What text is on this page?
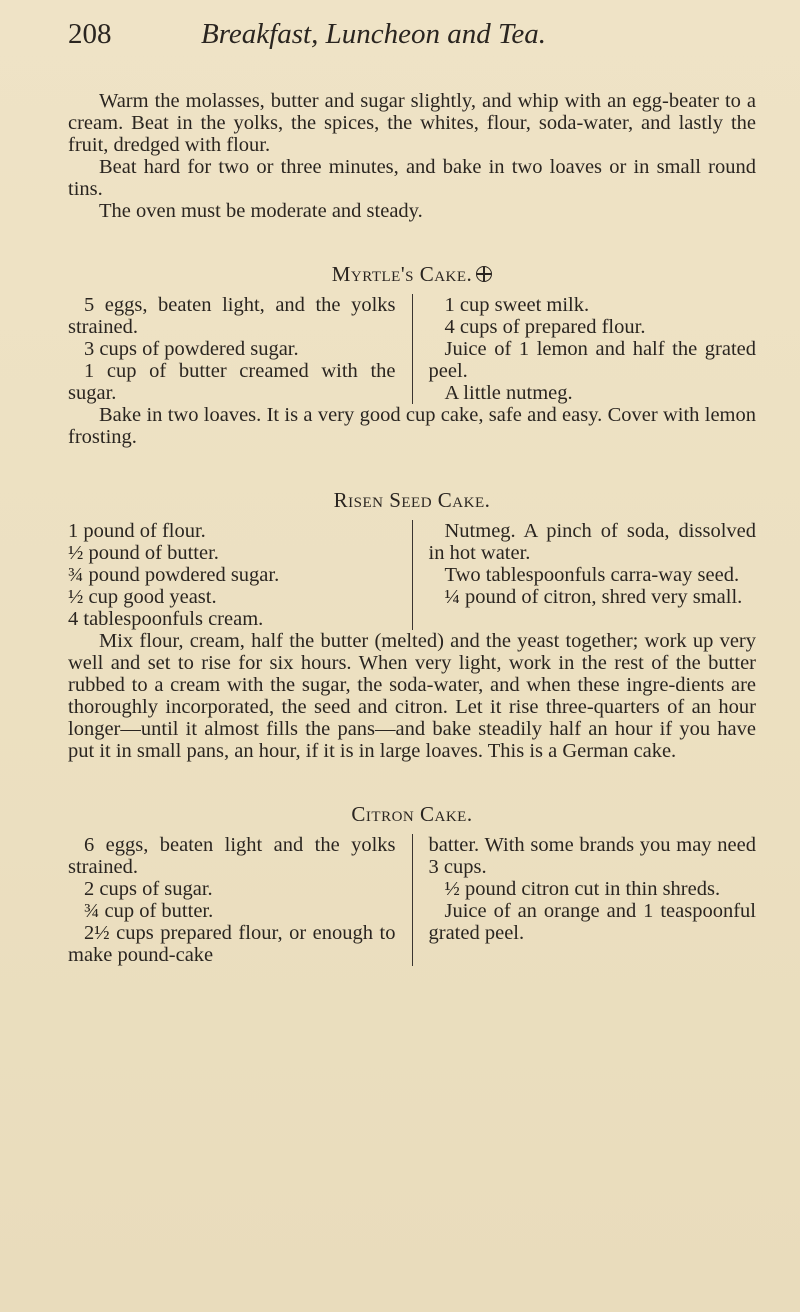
208	Breakfast, Luncheon and Tea.

Warm the molasses, butter and sugar slightly, and whip with an egg-beater to a cream. Beat in the yolks, the spices, the whites, flour, soda-water, and lastly the fruit, dredged with flour.

Beat hard for two or three minutes, and bake in two loaves or in small round tins.

The oven must be moderate and steady.

Myrtle's Cake.
5 eggs, beaten light, and the yolks strained.
3 cups of powdered sugar.
1 cup of butter creamed with the sugar.
1 cup sweet milk.
4 cups of prepared flour.
Juice of 1 lemon and half the grated peel.
A little nutmeg.

Bake in two loaves. It is a very good cup cake, safe and easy. Cover with lemon frosting.

Risen Seed Cake.
1 pound of flour.
½ pound of butter.
¾ pound powdered sugar.
½ cup good yeast.
4 tablespoonfuls cream.
Nutmeg. A pinch of soda, dissolved in hot water.
Two tablespoonfuls carra-way seed.
¼ pound of citron, shred very small.

Mix flour, cream, half the butter (melted) and the yeast together; work up very well and set to rise for six hours. When very light, work in the rest of the butter rubbed to a cream with the sugar, the soda-water, and when these ingre-dients are thoroughly incorporated, the seed and citron. Let it rise three-quarters of an hour longer—until it almost fills the pans—and bake steadily half an hour if you have put it in small pans, an hour, if it is in large loaves. This is a German cake.

Citron Cake.
6 eggs, beaten light and the yolks strained.
2 cups of sugar.
¾ cup of butter.
2½ cups prepared flour, or enough to make pound-cake
batter. With some brands you may need 3 cups.
½ pound citron cut in thin shreds.
Juice of an orange and 1 teaspoonful grated peel.
